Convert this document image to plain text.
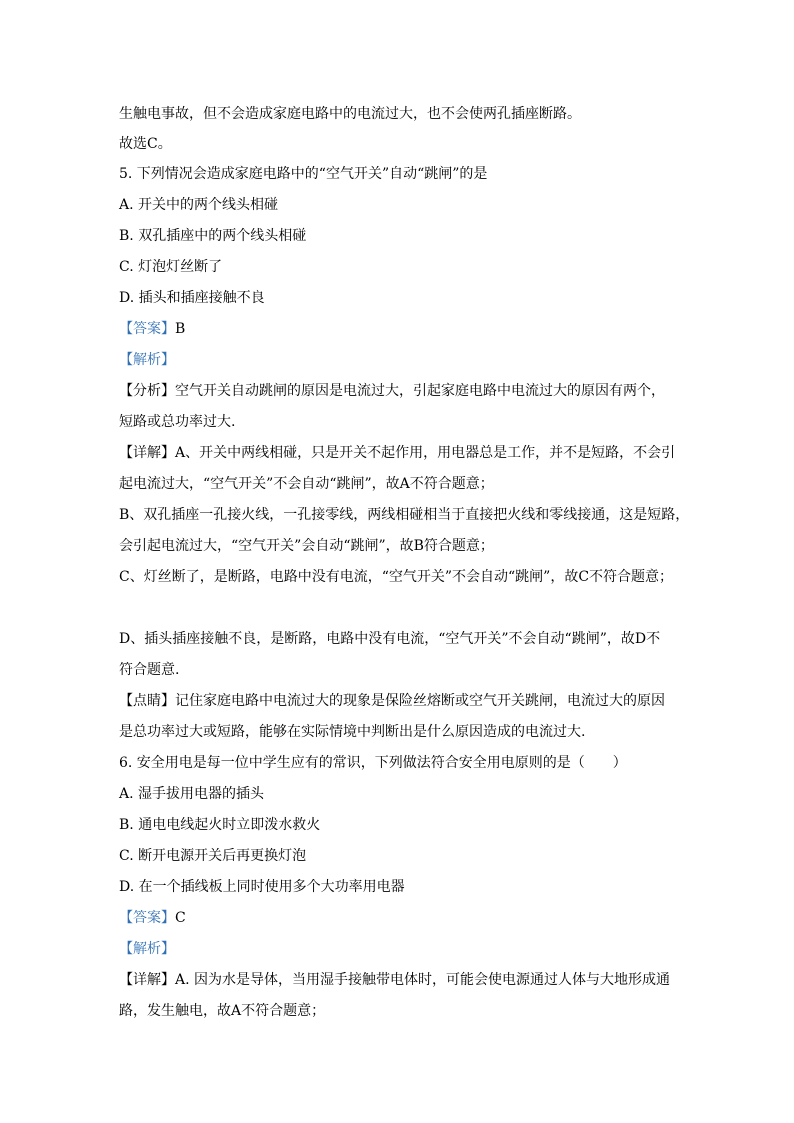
生触电事故，但不会造成家庭电路中的电流过大，也不会使两孔插座断路。
故选C。
5. 下列情况会造成家庭电路中的“空气开关”自动“跳闸”的是
A. 开关中的两个线头相碰
B. 双孔插座中的两个线头相碰
C. 灯泡灯丝断了
D. 插头和插座接触不良
【答案】B
【解析】
【分析】空气开关自动跳闸的原因是电流过大，引起家庭电路中电流过大的原因有两个，
短路或总功率过大.
【详解】A、开关中两线相碰，只是开关不起作用，用电器总是工作，并不是短路，不会引
起电流过大，“空气开关”不会自动“跳闸”，故A不符合题意；
B、双孔插座一孔接火线，一孔接零线，两线相碰相当于直接把火线和零线接通，这是短路，
会引起电流过大，“空气开关”会自动“跳闸”，故B符合题意；
C、灯丝断了，是断路，电路中没有电流，“空气开关”不会自动“跳闸”，故C不符合题意；
D、插头插座接触不良，是断路，电路中没有电流，“空气开关”不会自动“跳闸”，故D不
符合题意.
【点睛】记住家庭电路中电流过大的现象是保险丝熔断或空气开关跳闸，电流过大的原因
是总功率过大或短路，能够在实际情境中判断出是什么原因造成的电流过大.
6. 安全用电是每一位中学生应有的常识，下列做法符合安全用电原则的是（　　）
A. 湿手拔用电器的插头
B. 通电电线起火时立即泼水救火
C. 断开电源开关后再更换灯泡
D. 在一个插线板上同时使用多个大功率用电器
【答案】C
【解析】
【详解】A. 因为水是导体，当用湿手接触带电体时，可能会使电源通过人体与大地形成通
路，发生触电，故A不符合题意；
